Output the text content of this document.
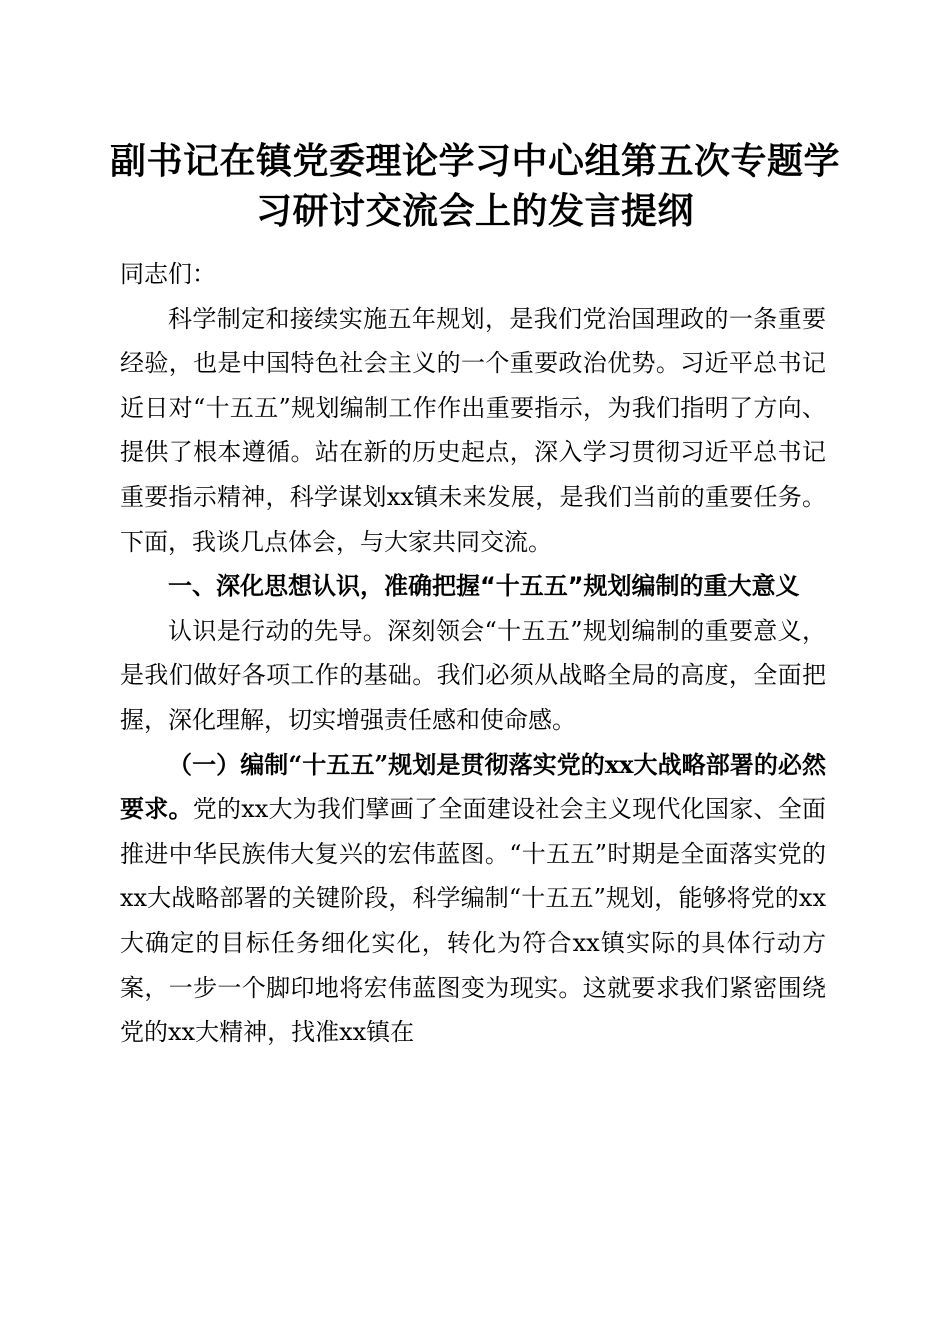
副书记在镇党委理论学习中心组第五次专题学习研讨交流会上的发言提纲

同志们：

科学制定和接续实施五年规划，是我们党治国理政的一条重要经验，也是中国特色社会主义的一个重要政治优势。习近平总书记近日对“十五五”规划编制工作作出重要指示，为我们指明了方向、提供了根本遵循。站在新的历史起点，深入学习贯彻习近平总书记重要指示精神，科学谋划xx镇未来发展，是我们当前的重要任务。下面，我谈几点体会，与大家共同交流。

一、深化思想认识，准确把握“十五五”规划编制的重大意义

认识是行动的先导。深刻领会“十五五”规划编制的重要意义，是我们做好各项工作的基础。我们必须从战略全局的高度，全面把握，深化理解，切实增强责任感和使命感。

（一）编制“十五五”规划是贯彻落实党的xx大战略部署的必然要求。党的xx大为我们擘画了全面建设社会主义现代化国家、全面推进中华民族伟大复兴的宏伟蓝图。“十五五”时期是全面落实党的xx大战略部署的关键阶段，科学编制“十五五”规划，能够将党的xx大确定的目标任务细化实化，转化为符合xx镇实际的具体行动方案，一步一个脚印地将宏伟蓝图变为现实。这就要求我们紧密围绕党的xx大精神，找准xx镇在
